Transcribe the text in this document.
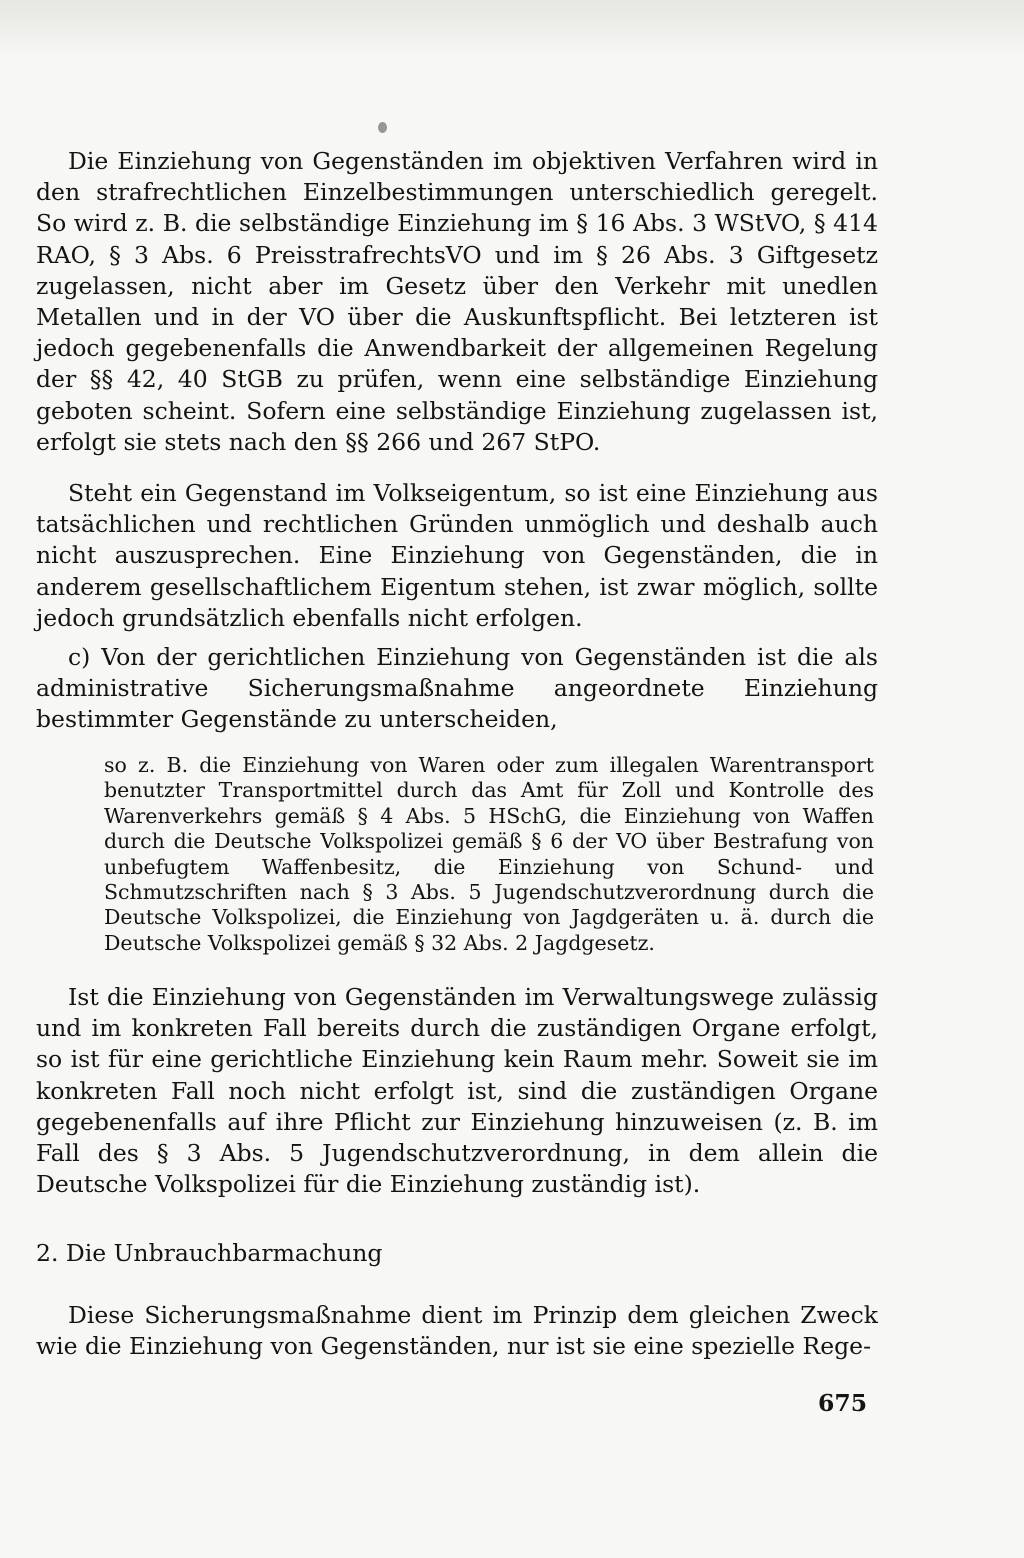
Die Einziehung von Gegenständen im objektiven Verfahren wird in den strafrechtlichen Einzelbestimmungen unterschiedlich geregelt. So wird z. B. die selbständige Einziehung im § 16 Abs. 3 WStVO, § 414 RAO, § 3 Abs. 6 PreisstrafrechtsVO und im § 26 Abs. 3 Giftgesetz zugelassen, nicht aber im Gesetz über den Verkehr mit unedlen Metallen und in der VO über die Auskunftspflicht. Bei letzteren ist jedoch gegebenenfalls die Anwendbarkeit der allgemeinen Regelung der §§ 42, 40 StGB zu prüfen, wenn eine selbständige Einziehung geboten scheint. Sofern eine selbständige Einziehung zugelassen ist, erfolgt sie stets nach den §§ 266 und 267 StPO.

Steht ein Gegenstand im Volkseigentum, so ist eine Einziehung aus tatsächlichen und rechtlichen Gründen unmöglich und deshalb auch nicht auszusprechen. Eine Einziehung von Gegenständen, die in anderem gesellschaftlichem Eigentum stehen, ist zwar möglich, sollte jedoch grundsätzlich ebenfalls nicht erfolgen.

c) Von der gerichtlichen Einziehung von Gegenständen ist die als administrative Sicherungsmaßnahme angeordnete Einziehung bestimmter Gegenstände zu unterscheiden,

so z. B. die Einziehung von Waren oder zum illegalen Warentransport benutzter Transportmittel durch das Amt für Zoll und Kontrolle des Warenverkehrs gemäß § 4 Abs. 5 HSchG, die Einziehung von Waffen durch die Deutsche Volkspolizei gemäß § 6 der VO über Bestrafung von unbefugtem Waffenbesitz, die Einziehung von Schund- und Schmutzschriften nach § 3 Abs. 5 Jugendschutzverordnung durch die Deutsche Volkspolizei, die Einziehung von Jagdgeräten u. ä. durch die Deutsche Volkspolizei gemäß § 32 Abs. 2 Jagdgesetz.

Ist die Einziehung von Gegenständen im Verwaltungswege zulässig und im konkreten Fall bereits durch die zuständigen Organe erfolgt, so ist für eine gerichtliche Einziehung kein Raum mehr. Soweit sie im konkreten Fall noch nicht erfolgt ist, sind die zuständigen Organe gegebenenfalls auf ihre Pflicht zur Einziehung hinzuweisen (z. B. im Fall des § 3 Abs. 5 Jugendschutzverordnung, in dem allein die Deutsche Volkspolizei für die Einziehung zuständig ist).

2. Die Unbrauchbarmachung

Diese Sicherungsmaßnahme dient im Prinzip dem gleichen Zweck wie die Einziehung von Gegenständen, nur ist sie eine spezielle Rege-

675
